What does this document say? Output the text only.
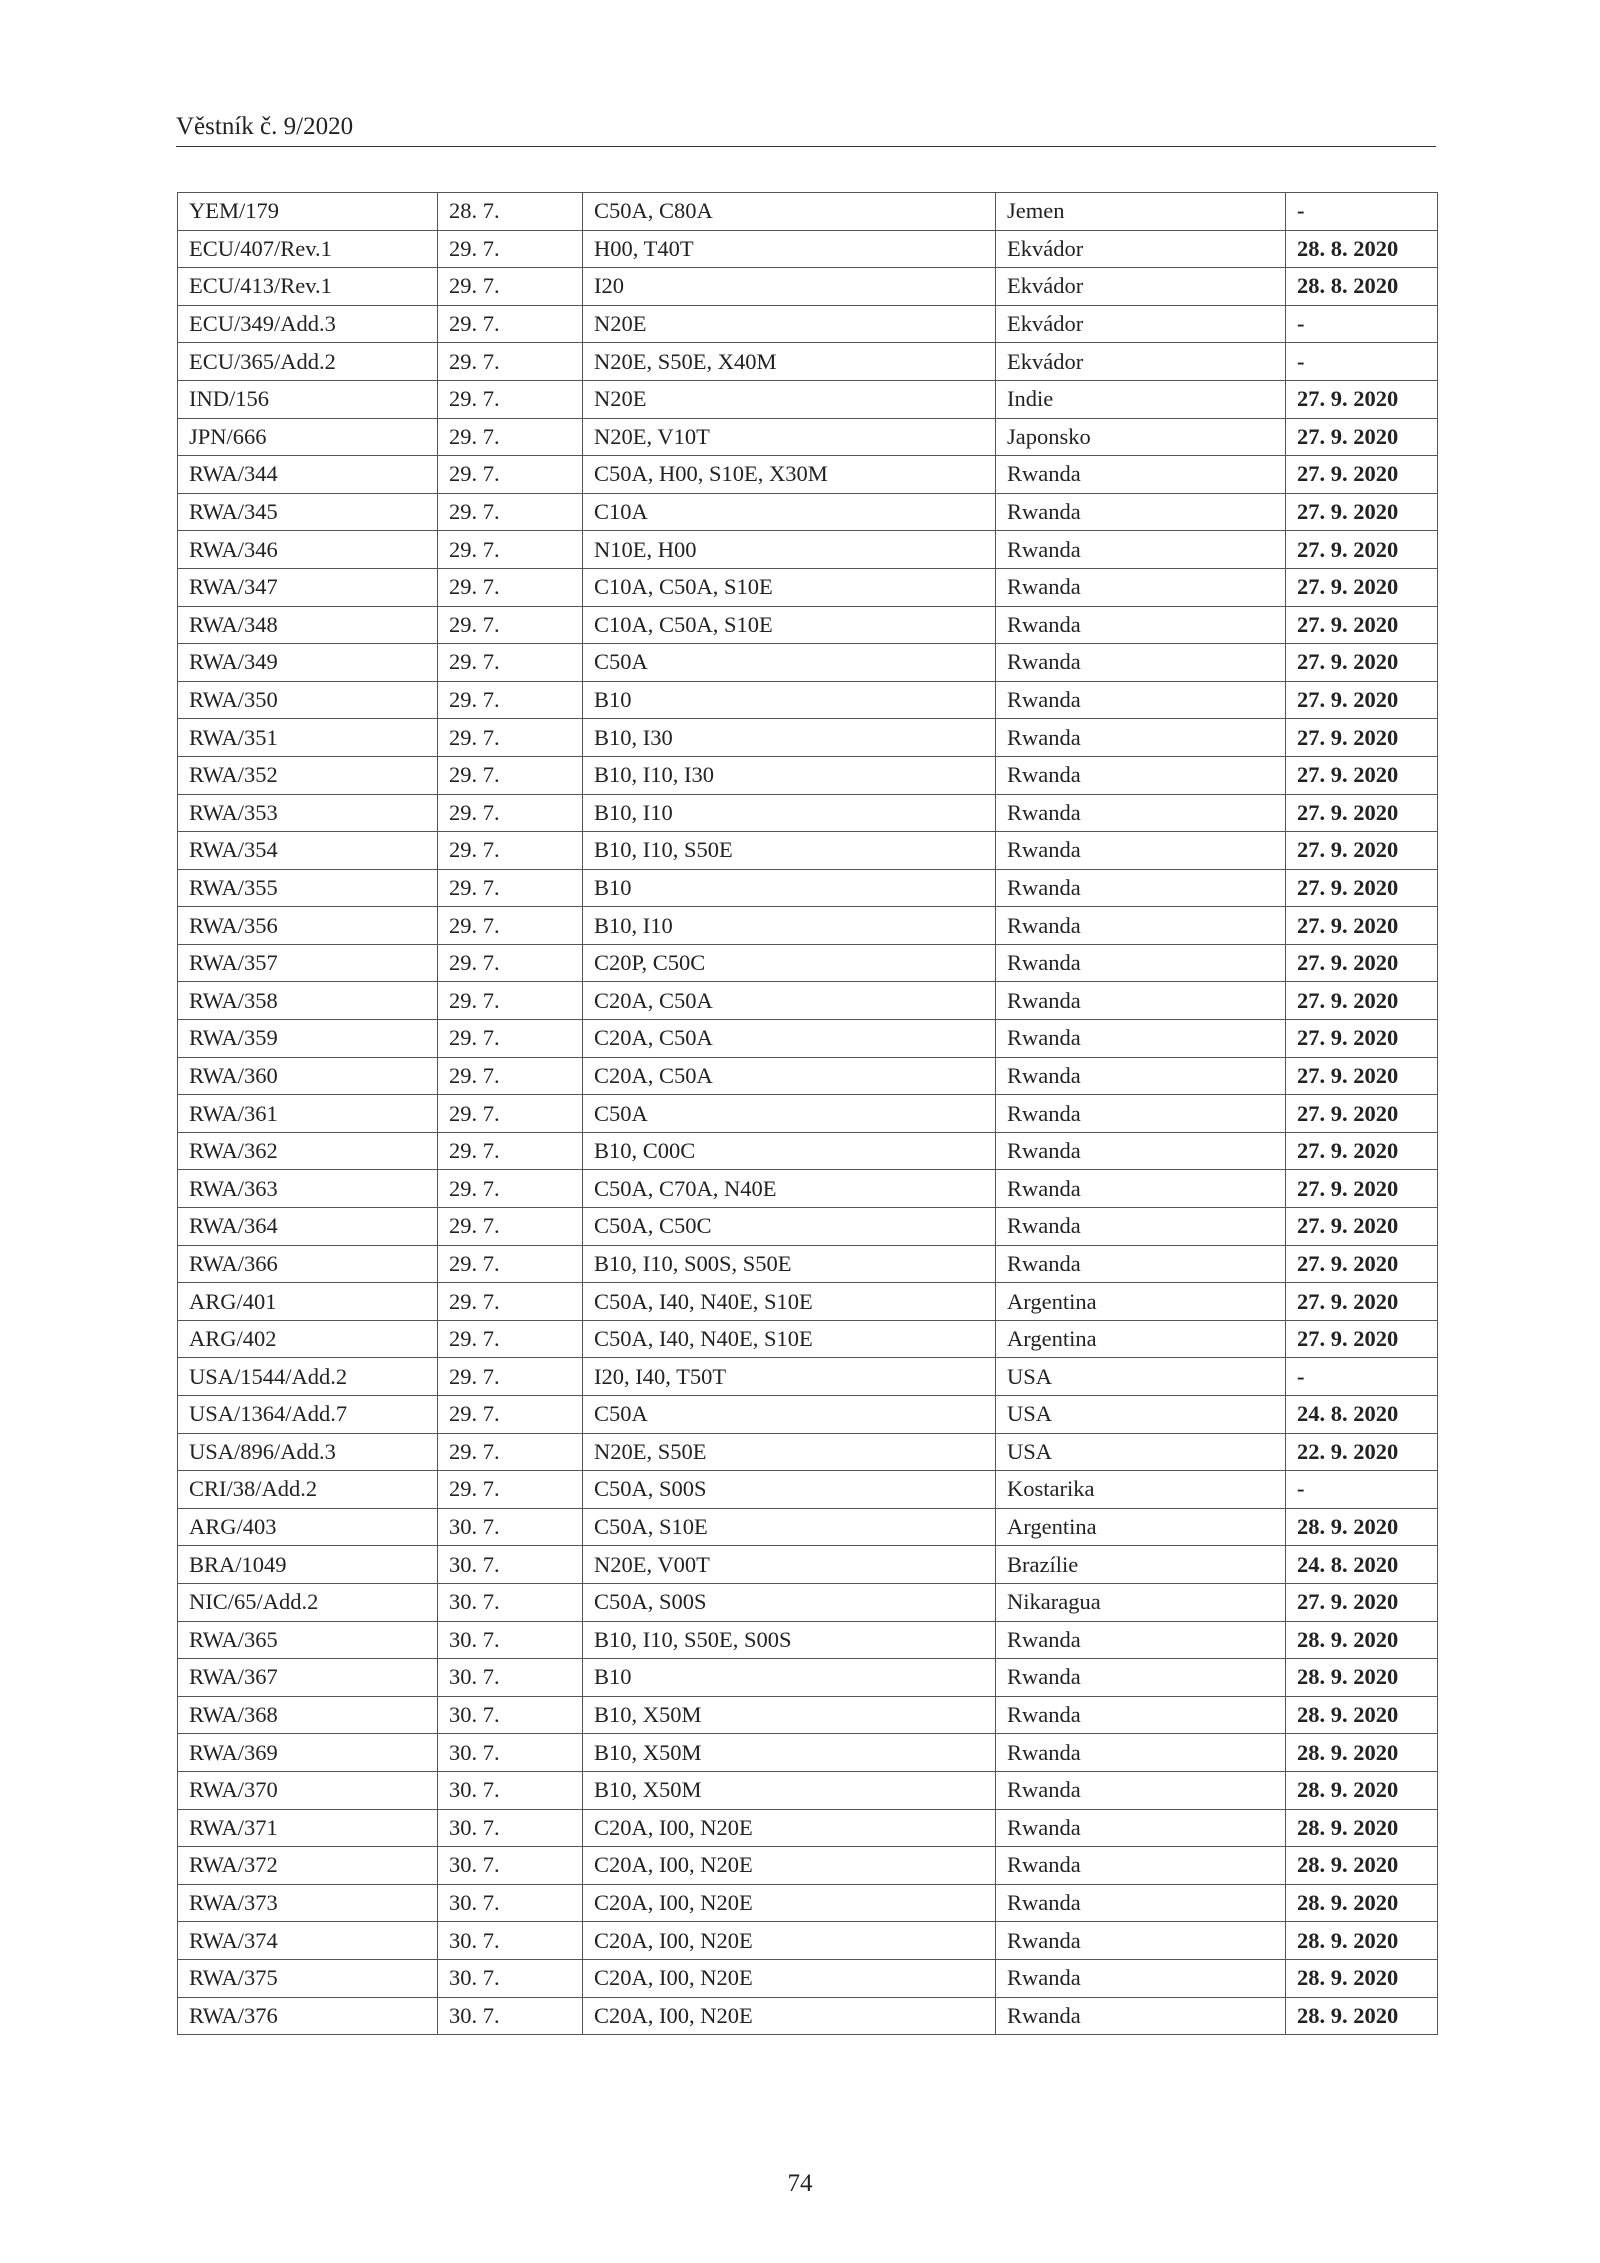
Věstník č. 9/2020
YEM/179	28. 7.	C50A, C80A	Jemen	-
ECU/407/Rev.1	29. 7.	H00, T40T	Ekvádor	28. 8. 2020
ECU/413/Rev.1	29. 7.	I20	Ekvádor	28. 8. 2020
ECU/349/Add.3	29. 7.	N20E	Ekvádor	-
ECU/365/Add.2	29. 7.	N20E, S50E, X40M	Ekvádor	-
IND/156	29. 7.	N20E	Indie	27. 9. 2020
JPN/666	29. 7.	N20E, V10T	Japonsko	27. 9. 2020
RWA/344	29. 7.	C50A, H00, S10E, X30M	Rwanda	27. 9. 2020
RWA/345	29. 7.	C10A	Rwanda	27. 9. 2020
RWA/346	29. 7.	N10E, H00	Rwanda	27. 9. 2020
RWA/347	29. 7.	C10A, C50A, S10E	Rwanda	27. 9. 2020
RWA/348	29. 7.	C10A, C50A, S10E	Rwanda	27. 9. 2020
RWA/349	29. 7.	C50A	Rwanda	27. 9. 2020
RWA/350	29. 7.	B10	Rwanda	27. 9. 2020
RWA/351	29. 7.	B10, I30	Rwanda	27. 9. 2020
RWA/352	29. 7.	B10, I10, I30	Rwanda	27. 9. 2020
RWA/353	29. 7.	B10, I10	Rwanda	27. 9. 2020
RWA/354	29. 7.	B10, I10, S50E	Rwanda	27. 9. 2020
RWA/355	29. 7.	B10	Rwanda	27. 9. 2020
RWA/356	29. 7.	B10, I10	Rwanda	27. 9. 2020
RWA/357	29. 7.	C20P, C50C	Rwanda	27. 9. 2020
RWA/358	29. 7.	C20A, C50A	Rwanda	27. 9. 2020
RWA/359	29. 7.	C20A, C50A	Rwanda	27. 9. 2020
RWA/360	29. 7.	C20A, C50A	Rwanda	27. 9. 2020
RWA/361	29. 7.	C50A	Rwanda	27. 9. 2020
RWA/362	29. 7.	B10, C00C	Rwanda	27. 9. 2020
RWA/363	29. 7.	C50A, C70A, N40E	Rwanda	27. 9. 2020
RWA/364	29. 7.	C50A, C50C	Rwanda	27. 9. 2020
RWA/366	29. 7.	B10, I10, S00S, S50E	Rwanda	27. 9. 2020
ARG/401	29. 7.	C50A, I40, N40E, S10E	Argentina	27. 9. 2020
ARG/402	29. 7.	C50A, I40, N40E, S10E	Argentina	27. 9. 2020
USA/1544/Add.2	29. 7.	I20, I40, T50T	USA	-
USA/1364/Add.7	29. 7.	C50A	USA	24. 8. 2020
USA/896/Add.3	29. 7.	N20E, S50E	USA	22. 9. 2020
CRI/38/Add.2	29. 7.	C50A, S00S	Kostarika	-
ARG/403	30. 7.	C50A, S10E	Argentina	28. 9. 2020
BRA/1049	30. 7.	N20E, V00T	Brazílie	24. 8. 2020
NIC/65/Add.2	30. 7.	C50A, S00S	Nikaragua	27. 9. 2020
RWA/365	30. 7.	B10, I10, S50E, S00S	Rwanda	28. 9. 2020
RWA/367	30. 7.	B10	Rwanda	28. 9. 2020
RWA/368	30. 7.	B10, X50M	Rwanda	28. 9. 2020
RWA/369	30. 7.	B10, X50M	Rwanda	28. 9. 2020
RWA/370	30. 7.	B10, X50M	Rwanda	28. 9. 2020
RWA/371	30. 7.	C20A, I00, N20E	Rwanda	28. 9. 2020
RWA/372	30. 7.	C20A, I00, N20E	Rwanda	28. 9. 2020
RWA/373	30. 7.	C20A, I00, N20E	Rwanda	28. 9. 2020
RWA/374	30. 7.	C20A, I00, N20E	Rwanda	28. 9. 2020
RWA/375	30. 7.	C20A, I00, N20E	Rwanda	28. 9. 2020
RWA/376	30. 7.	C20A, I00, N20E	Rwanda	28. 9. 2020
74
